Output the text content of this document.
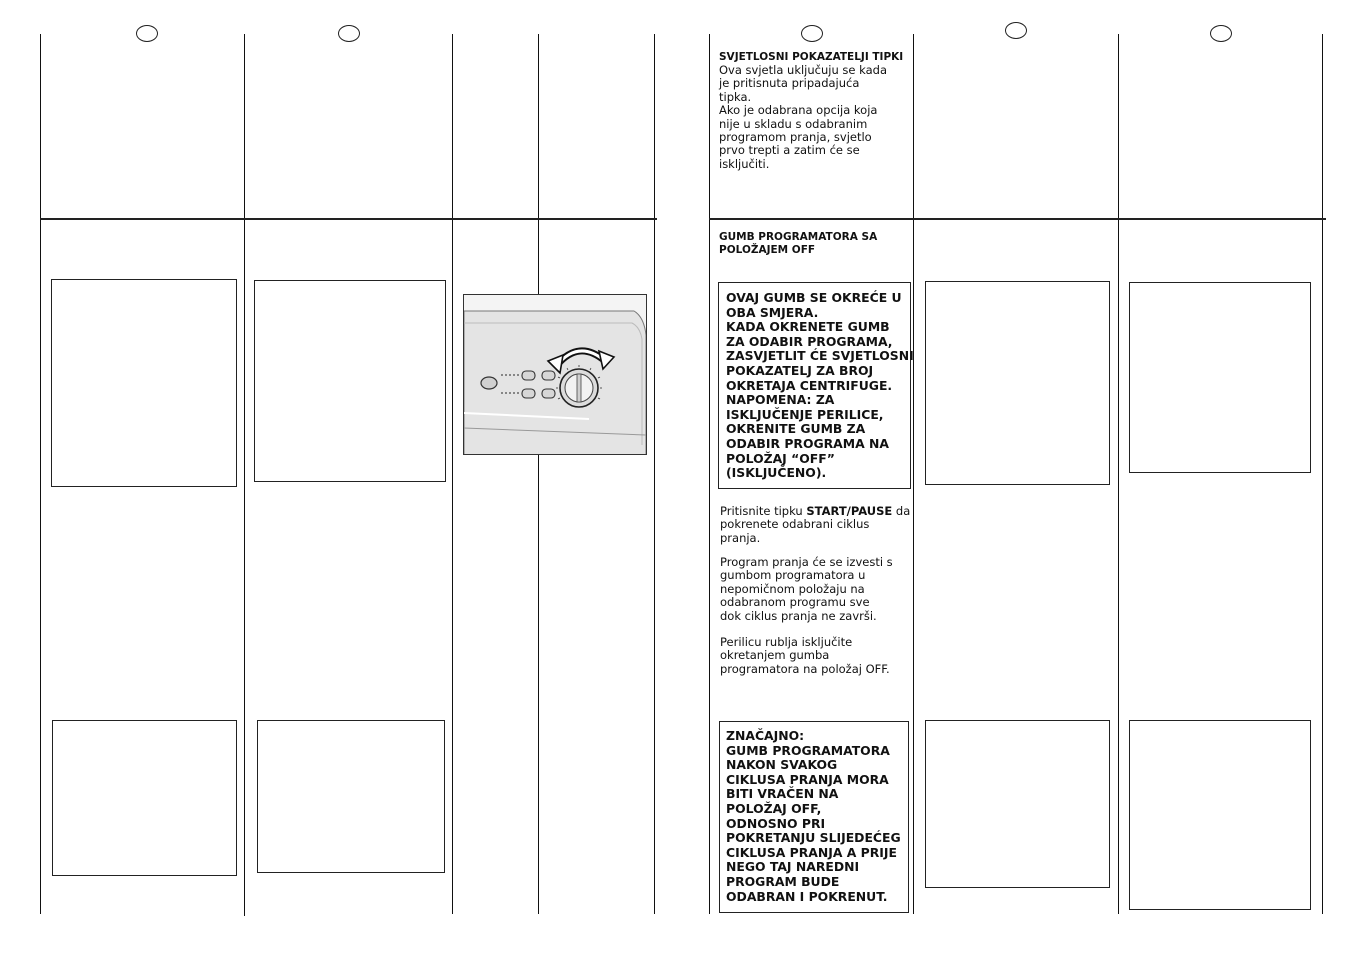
SVJETLOSNI POKAZATELJI TIPKI
Ova svjetla uključuju se kada
je pritisnuta pripadajuća
tipka.
Ako je odabrana opcija koja
nije u skladu s odabranim
programom pranja, svjetlo
prvo trepti a zatim će se
isključiti.
GUMB PROGRAMATORA SA
POLOŽAJEM OFF
OVAJ GUMB SE OKREĆE U
OBA SMJERA.
KADA OKRENETE GUMB
ZA ODABIR PROGRAMA,
ZASVJETLIT ĆE SVJETLOSNI
POKAZATELJ ZA BROJ
OKRETAJA CENTRIFUGE.
NAPOMENA: ZA
ISKLJUČENJE PERILICE,
OKRENITE GUMB ZA
ODABIR PROGRAMA NA
POLOŽAJ “OFF”
(ISKLJUČENO).
Pritisnite tipku START/PAUSE da
pokrenete odabrani ciklus
pranja.
Program pranja će se izvesti s
gumbom programatora u
nepomičnom položaju na
odabranom programu sve
dok ciklus pranja ne završi.
Perilicu rublja isključite
okretanjem gumba
programatora na položaj OFF.
ZNAČAJNO:
GUMB PROGRAMATORA
NAKON SVAKOG
CIKLUSA PRANJA MORA
BITI VRAČEN NA
POLOŽAJ OFF,
ODNOSNO PRI
POKRETANJU SLIJEDEĆEG
CIKLUSA PRANJA A PRIJE
NEGO TAJ NAREDNI
PROGRAM BUDE
ODABRAN I POKRENUT.
